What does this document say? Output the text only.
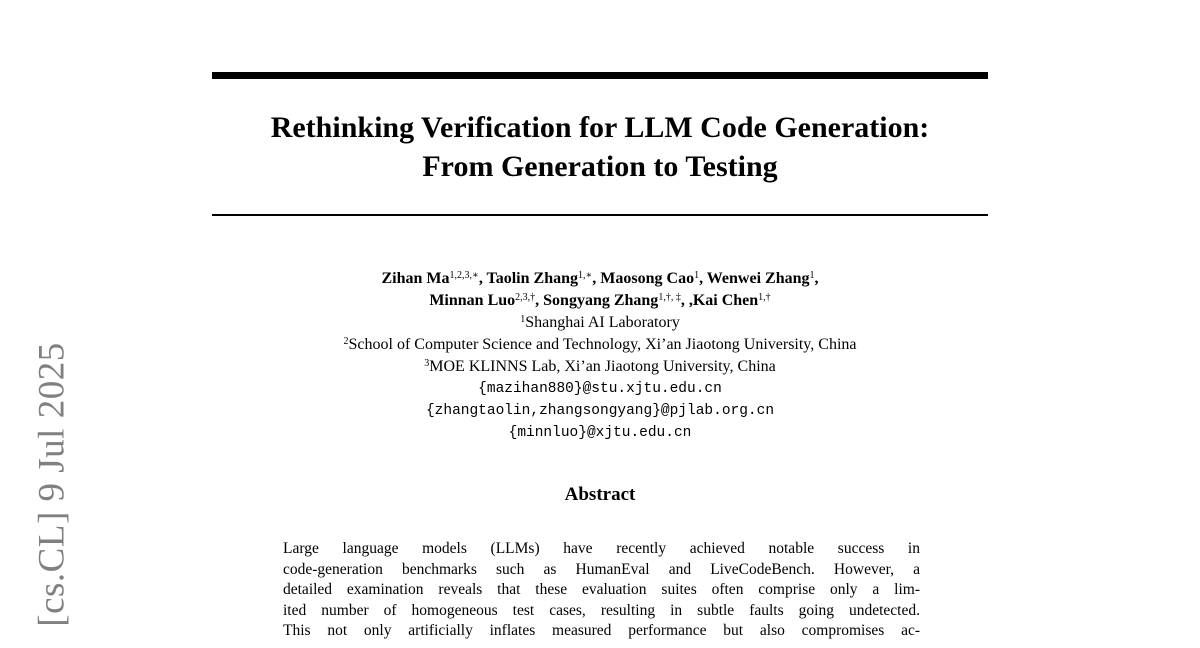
[cs.CL] 9 Jul 2025
Rethinking Verification for LLM Code Generation:
From Generation to Testing
Zihan $Ma^{1,2,3,∗}$, Taolin Zhang$^{1,∗}$, Maosong Cao$^1$, Wenwei Zhang$^1$,
Minnan Luo$^{2,3,\dagger}$, Songyang Zhang$^{1,\dagger, \ddagger}$, ,Kai Chen$^{1,\dagger}$
$^1$Shanghai AI Laboratory
$^2$School of Computer Science and Technology, Xi’an Jiaotong University, China
$^3$MOE KLINNS Lab, Xi’an Jiaotong University, China
{mazihan880}@stu.xjtu.edu.cn
{zhangtaolin,zhangsongyang}@pjlab.org.cn
{minnluo}@xjtu.edu.cn
Abstract
Large language models (LLMs) have recently achieved notable success in
code-generation benchmarks such as HumanEval and LiveCodeBench. However, a
detailed examination reveals that these evaluation suites often comprise only a lim-
ited number of homogeneous test cases, resulting in subtle faults going undetected.
This not only artificially inflates measured performance but also compromises ac-
